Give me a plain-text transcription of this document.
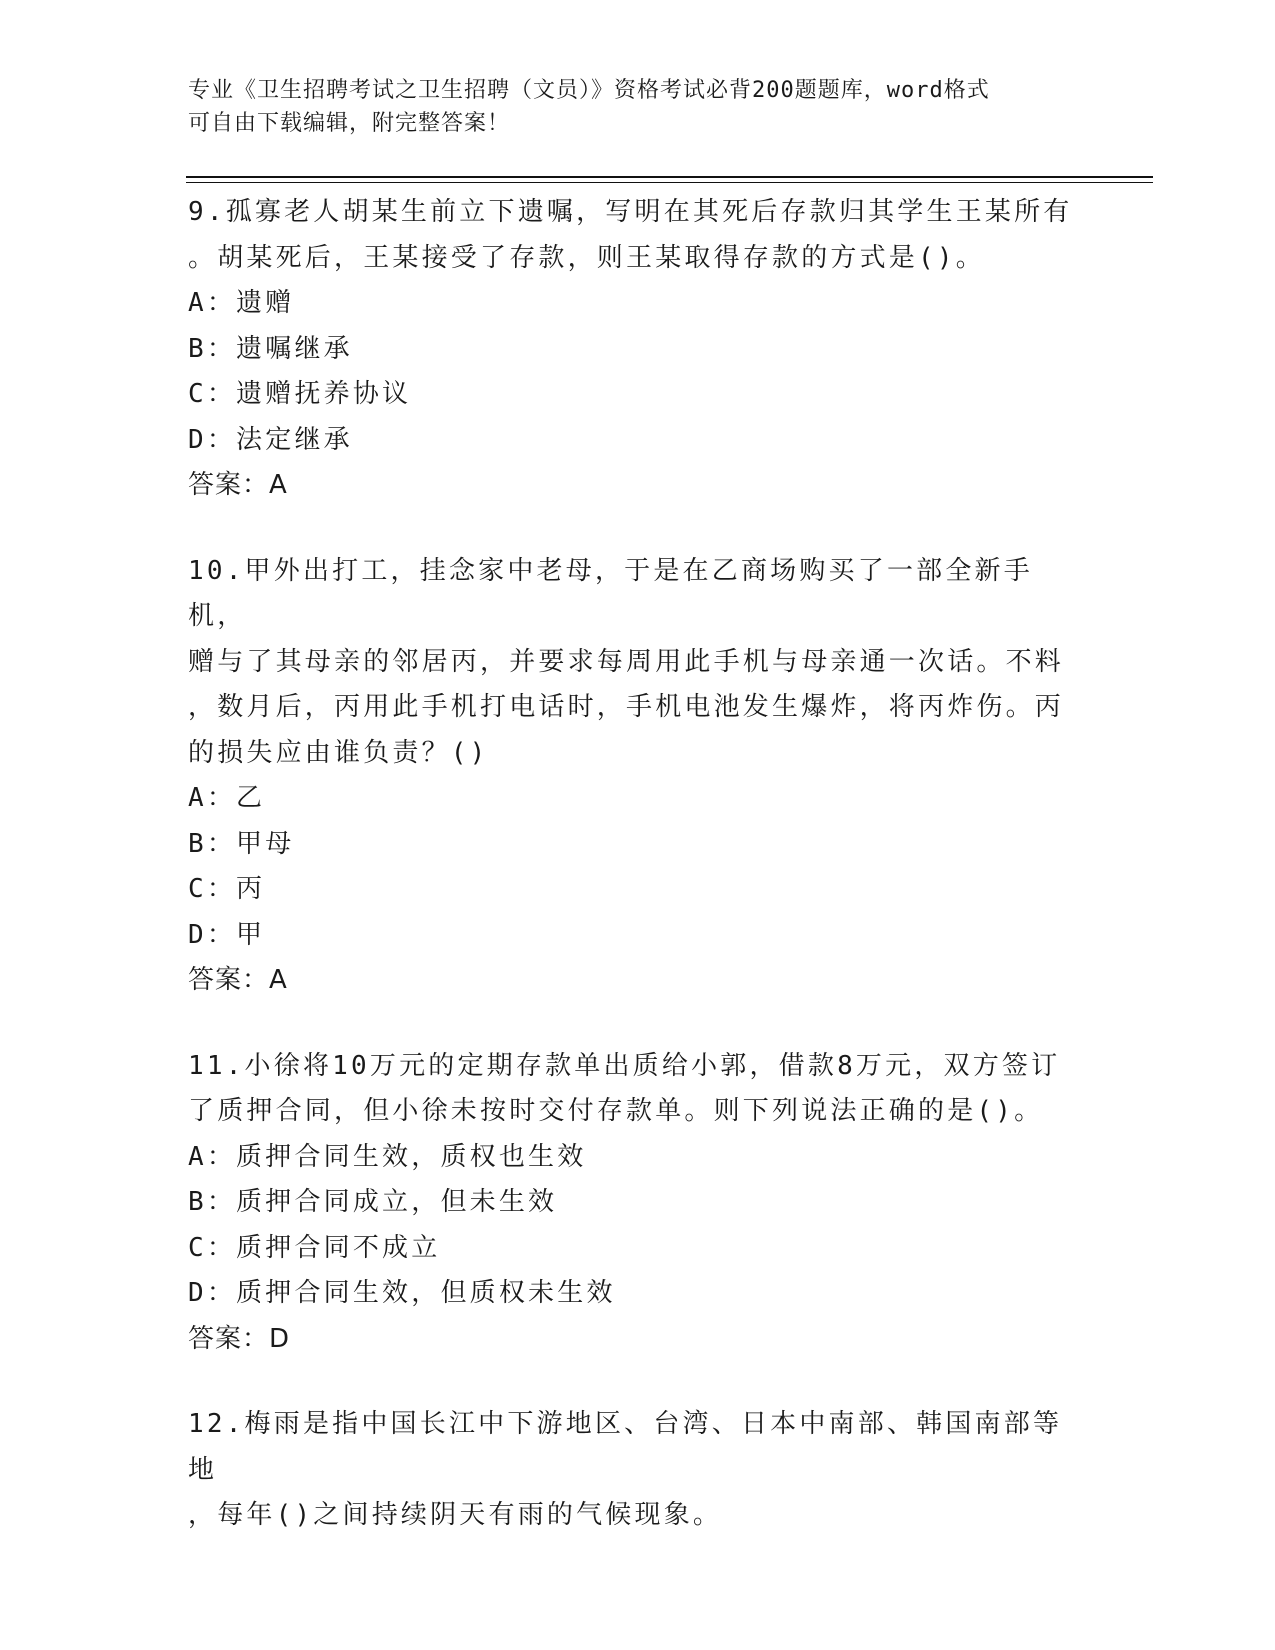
专业《卫生招聘考试之卫生招聘（文员）》资格考试必背200题题库，word格式
可自由下载编辑，附完整答案！
9.孤寡老人胡某生前立下遗嘱，写明在其死后存款归其学生王某所有
。胡某死后，王某接受了存款，则王某取得存款的方式是()。
A：遗赠
B：遗嘱继承
C：遗赠抚养协议
D：法定继承
答案：A
10.甲外出打工，挂念家中老母，于是在乙商场购买了一部全新手机，
赠与了其母亲的邻居丙，并要求每周用此手机与母亲通一次话。不料
，数月后，丙用此手机打电话时，手机电池发生爆炸，将丙炸伤。丙
的损失应由谁负责？()
A：乙
B：甲母
C：丙
D：甲
答案：A
11.小徐将10万元的定期存款单出质给小郭，借款8万元，双方签订
了质押合同，但小徐未按时交付存款单。则下列说法正确的是()。
A：质押合同生效，质权也生效
B：质押合同成立，但未生效
C：质押合同不成立
D：质押合同生效，但质权未生效
答案：D
12.梅雨是指中国长江中下游地区、台湾、日本中南部、韩国南部等地
，每年()之间持续阴天有雨的气候现象。
